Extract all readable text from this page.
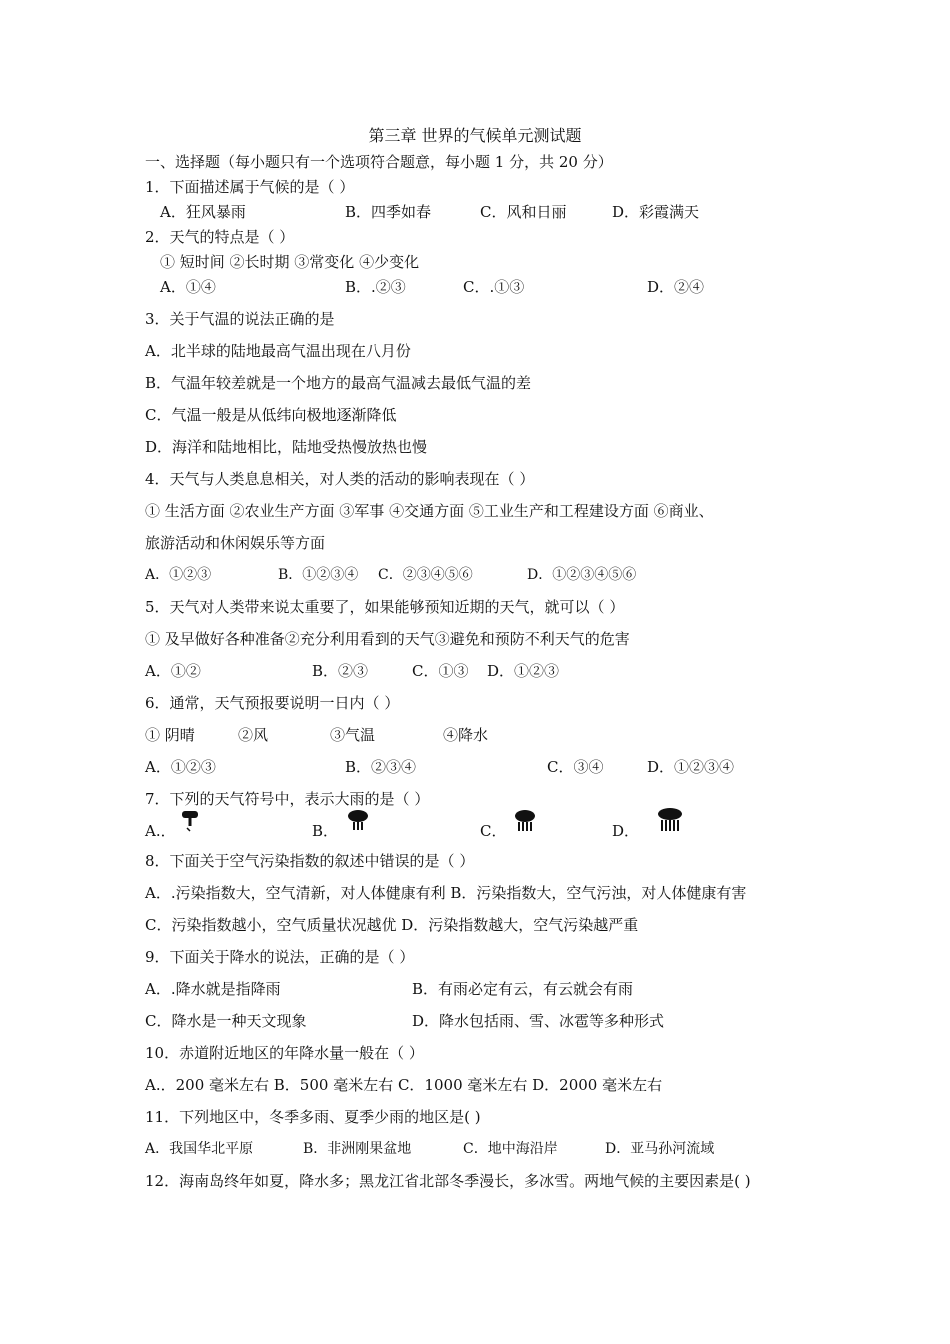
第三章 世界的气候单元测试题
一、选择题（每小题只有一个选项符合题意，每小题 1 分，共 20 分）
1．下面描述属于气候的是（ ）
A．狂风暴雨	B．四季如春	C．风和日丽	D．彩霞满天
2．天气的特点是（ ）
① 短时间 ②长时期 ③常变化 ④少变化
A．①④	B．.②③	C．.①③	D．②④
3．关于气温的说法正确的是
A．北半球的陆地最高气温出现在八月份
B．气温年较差就是一个地方的最高气温减去最低气温的差
C．气温一般是从低纬向极地逐渐降低
D．海洋和陆地相比，陆地受热慢放热也慢
4．天气与人类息息相关，对人类的活动的影响表现在（ ）
① 生活方面 ②农业生产方面 ③军事 ④交通方面 ⑤工业生产和工程建设方面 ⑥商业、
旅游活动和休闲娱乐等方面
A．①②③	B．①②③④ C．②③④⑤⑥	D．①②③④⑤⑥
5．天气对人类带来说太重要了，如果能够预知近期的天气，就可以（ ）
① 及早做好各种准备②充分利用看到的天气③避免和预防不利天气的危害
A．①②	B．②③	C．①③ D．①②③
6．通常，天气预报要说明一日内（ ）
① 阴晴	②风	③气温	④降水
A．①②③	B．②③④	C．③④	D．①②③④
7．下列的天气符号中，表示大雨的是（ ）
A.．	B．	C．	D．
8．下面关于空气污染指数的叙述中错误的是（ ）
A．.污染指数大，空气清新，对人体健康有利 B．污染指数大，空气污浊，对人体健康有害
C．污染指数越小，空气质量状况越优 D．污染指数越大，空气污染越严重
9．下面关于降水的说法，正确的是（ ）
A．.降水就是指降雨	B．有雨必定有云，有云就会有雨
C．降水是一种天文现象	D．降水包括雨、雪、冰雹等多种形式
10．赤道附近地区的年降水量一般在（ ）
A.．200 毫米左右 B．500 毫米左右 C．1000 毫米左右 D．2000 毫米左右
11．下列地区中，冬季多雨、夏季少雨的地区是( )
A．我国华北平原	B．非洲刚果盆地	C．地中海沿岸	D．亚马孙河流域
12．海南岛终年如夏，降水多；黑龙江省北部冬季漫长，多冰雪。两地气候的主要因素是( )
